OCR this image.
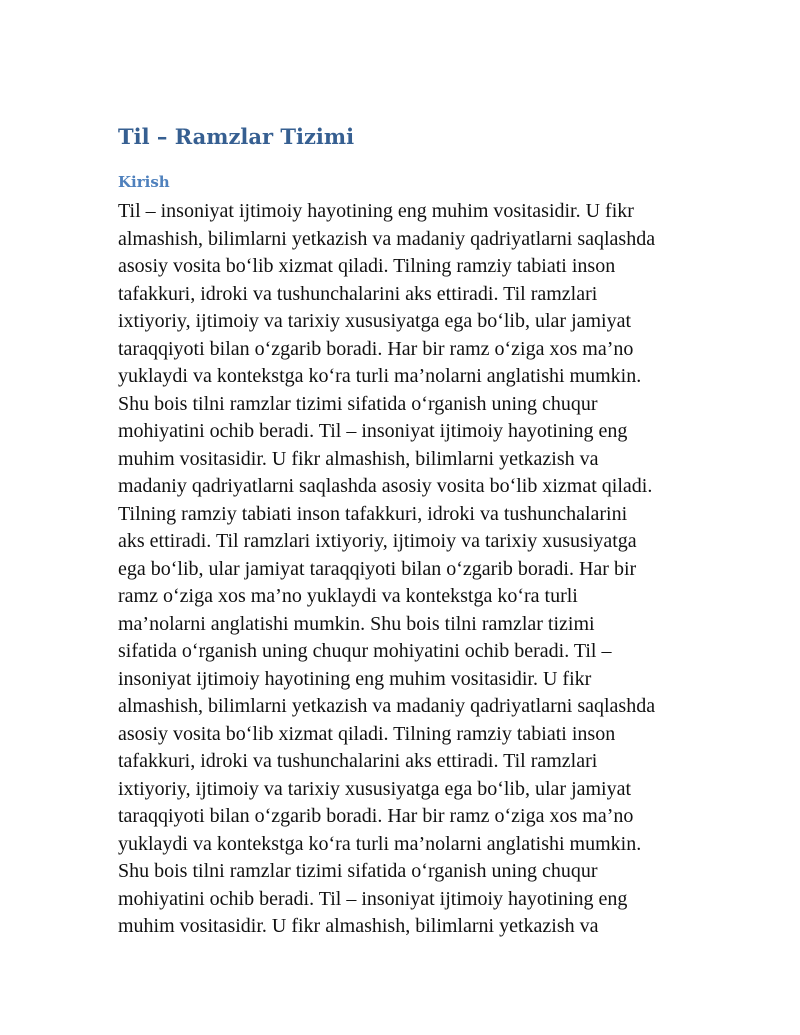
Til – Ramzlar Tizimi
Kirish
Til – insoniyat ijtimoiy hayotining eng muhim vositasidir. U fikr
almashish, bilimlarni yetkazish va madaniy qadriyatlarni saqlashda
asosiy vosita bo‘lib xizmat qiladi. Tilning ramziy tabiati inson
tafakkuri, idroki va tushunchalarini aks ettiradi. Til ramzlari
ixtiyoriy, ijtimoiy va tarixiy xususiyatga ega bo‘lib, ular jamiyat
taraqqiyoti bilan o‘zgarib boradi. Har bir ramz o‘ziga xos ma’no
yuklaydi va kontekstga ko‘ra turli ma’nolarni anglatishi mumkin.
Shu bois tilni ramzlar tizimi sifatida o‘rganish uning chuqur
mohiyatini ochib beradi. Til – insoniyat ijtimoiy hayotining eng
muhim vositasidir. U fikr almashish, bilimlarni yetkazish va
madaniy qadriyatlarni saqlashda asosiy vosita bo‘lib xizmat qiladi.
Tilning ramziy tabiati inson tafakkuri, idroki va tushunchalarini
aks ettiradi. Til ramzlari ixtiyoriy, ijtimoiy va tarixiy xususiyatga
ega bo‘lib, ular jamiyat taraqqiyoti bilan o‘zgarib boradi. Har bir
ramz o‘ziga xos ma’no yuklaydi va kontekstga ko‘ra turli
ma’nolarni anglatishi mumkin. Shu bois tilni ramzlar tizimi
sifatida o‘rganish uning chuqur mohiyatini ochib beradi. Til –
insoniyat ijtimoiy hayotining eng muhim vositasidir. U fikr
almashish, bilimlarni yetkazish va madaniy qadriyatlarni saqlashda
asosiy vosita bo‘lib xizmat qiladi. Tilning ramziy tabiati inson
tafakkuri, idroki va tushunchalarini aks ettiradi. Til ramzlari
ixtiyoriy, ijtimoiy va tarixiy xususiyatga ega bo‘lib, ular jamiyat
taraqqiyoti bilan o‘zgarib boradi. Har bir ramz o‘ziga xos ma’no
yuklaydi va kontekstga ko‘ra turli ma’nolarni anglatishi mumkin.
Shu bois tilni ramzlar tizimi sifatida o‘rganish uning chuqur
mohiyatini ochib beradi. Til – insoniyat ijtimoiy hayotining eng
muhim vositasidir. U fikr almashish, bilimlarni yetkazish va
